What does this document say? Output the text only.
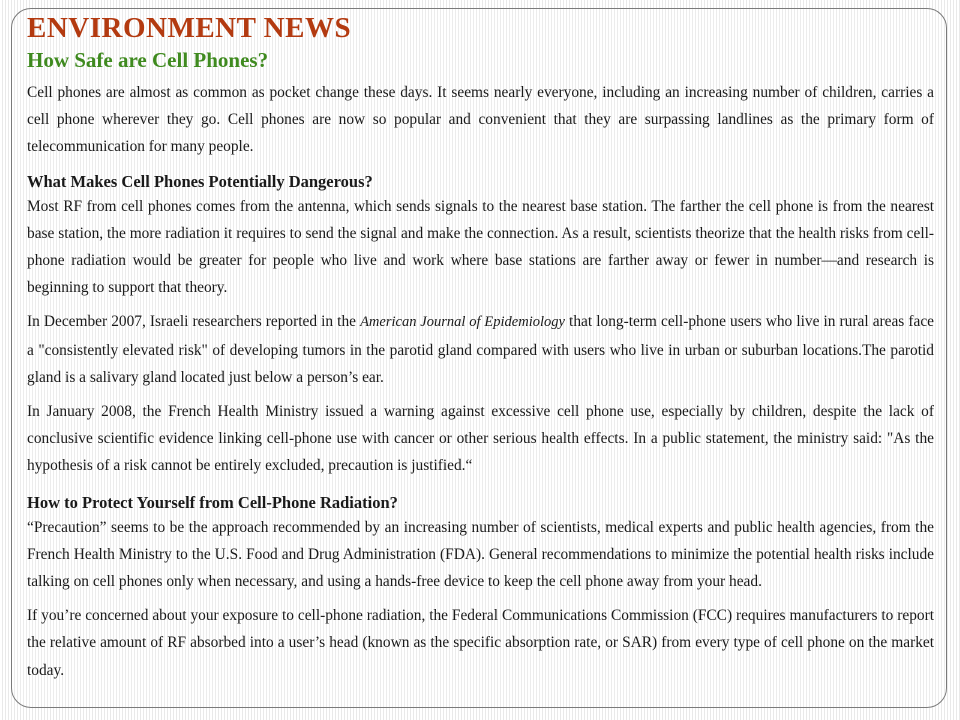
ENVIRONMENT NEWS
How Safe are Cell Phones?

Cell phones are almost as common as pocket change these days. It seems nearly everyone, including an increasing number of children, carries a cell phone wherever they go. Cell phones are now so popular and convenient that they are surpassing landlines as the primary form of telecommunication for many people.

What Makes Cell Phones Potentially Dangerous?

Most RF from cell phones comes from the antenna, which sends signals to the nearest base station. The farther the cell phone is from the nearest base station, the more radiation it requires to send the signal and make the connection. As a result, scientists theorize that the health risks from cell-phone radiation would be greater for people who live and work where base stations are farther away or fewer in number—and research is beginning to support that theory.

In December 2007, Israeli researchers reported in the American Journal of Epidemiology that long-term cell-phone users who live in rural areas face a "consistently elevated risk" of developing tumors in the parotid gland compared with users who live in urban or suburban locations.The parotid gland is a salivary gland located just below a person’s ear.

In January 2008, the French Health Ministry issued a warning against excessive cell phone use, especially by children, despite the lack of conclusive scientific evidence linking cell-phone use with cancer or other serious health effects. In a public statement, the ministry said: "As the hypothesis of a risk cannot be entirely excluded, precaution is justified.“

How to Protect Yourself from Cell-Phone Radiation?

“Precaution” seems to be the approach recommended by an increasing number of scientists, medical experts and public health agencies, from the French Health Ministry to the U.S. Food and Drug Administration (FDA). General recommendations to minimize the potential health risks include talking on cell phones only when necessary, and using a hands-free device to keep the cell phone away from your head.

If you’re concerned about your exposure to cell-phone radiation, the Federal Communications Commission (FCC) requires manufacturers to report the relative amount of RF absorbed into a user’s head (known as the specific absorption rate, or SAR) from every type of cell phone on the market today.
